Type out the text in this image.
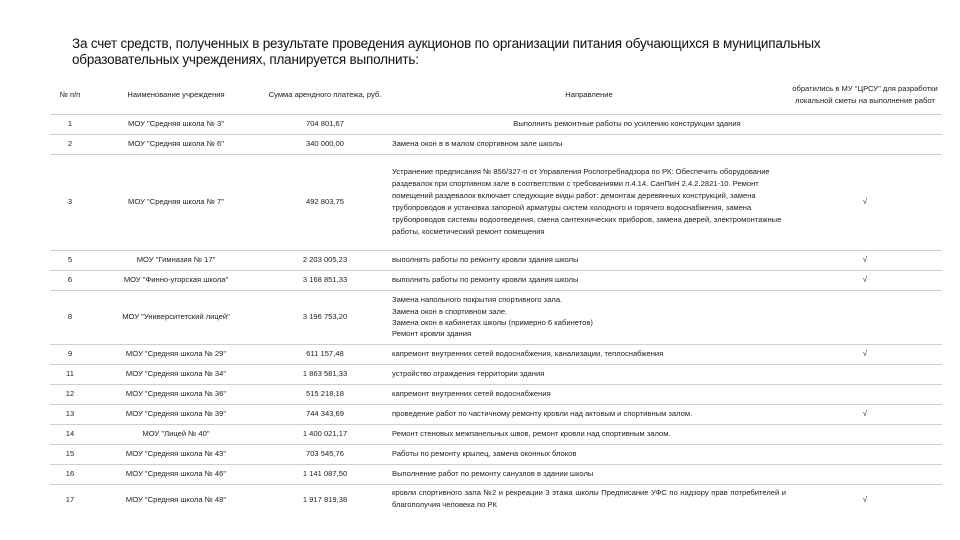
За счет средств, полученных в результате проведения аукционов по организации питания обучающихся в муниципальных образовательных учреждениях, планируется выполнить:
№ п/п	Наименование учреждения	Сумма арендного платежа, руб.	Направление	обратились в МУ "ЦРСУ" для разработки локальной сметы на выполнение работ
1	МОУ "Средняя школа № 3"	704 801,67	Выполнить ремонтные работы по усилению конструкции здания	
2	МОУ "Средняя школа № 6"	340 000,00	Замена окон в в малом спортивном зале школы	
3	МОУ "Средняя школа № 7"	492 803,75	Устранение предписания № 856/327-п от Управления Роспотребнадзора по РК: Обеспечить оборудование раздевалок при спортивном зале в соответствии с требованиями п.4.14. СанПиН 2.4.2.2821-10. Ремонт помещений раздевалок включает следующие виды работ: демонтаж деревянных конструкций, замена трубопроводов и установка запорной арматуры систем холодного и горячего водоснабжения, замена трубопроводов системы водоотведения, смена сантехнических приборов, замена дверей, электромонтажные работы, косметический ремонт помещения	√
5	МОУ "Гимназия № 17"	2 203 005,23	выполнить работы по ремонту кровли здания школы	√
6	МОУ "Финно-угорская школа"	3 168 851,33	выполнить работы по ремонту кровли здания школы	√
8	МОУ "Университетский лицей"	3 196 753,20	Замена напольного покрытия спортивного зала.
Замена окон в спортивном зале.
Замена окон в кабинетах школы (примерно 6 кабинетов)
Ремонт кровли здания	

9	МОУ "Средняя школа № 29"	611 157,48	капремонт внутренних сетей водоснабжения, канализации, теплоснабжения	√
11	МОУ "Средняя школа № 34"	1 863 581,33	устройство ограждения территории здания	
12	МОУ "Средняя школа № 36"	515 218,18	капремонт внутренних сетей водоснабжения	
13	МОУ "Средняя школа № 39"	744 343,69	проведение работ по частичному ремонту кровли над актовым и спортивным залом.	√
14	МОУ "Лицей № 40"	1 400 021,17	Ремонт стеновых межпанельных швов, ремонт кровли над спортивным залом.	
15	МОУ "Средняя школа № 43"	703 545,76	Работы по ремонту крылец, замена оконных блоков	
16	МОУ "Средняя школа № 46"	1 141 087,50	Выполнение работ по ремонту санузлов в здании школы	
17	МОУ "Средняя школа № 48"	1 917 819,38	кровли спортивного зала №2 и рекреации 3 этажа школы Предписание УФС по надзору прав потребителей и благополучия человека по РК	√
